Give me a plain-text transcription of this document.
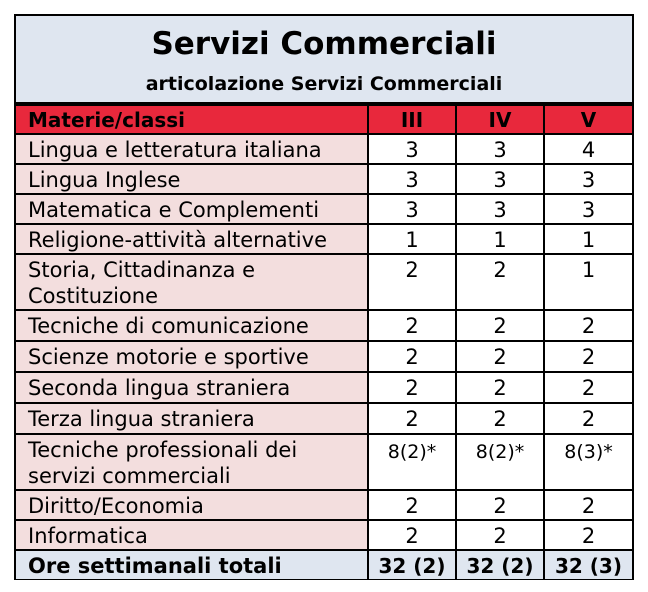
Servizi Commerciali
articolazione Servizi Commerciali
Materie/classi	III	IV	V
Lingua e letteratura italiana	3	3	4
Lingua Inglese	3	3	3
Matematica e Complementi	3	3	3
Religione-attività alternative	1	1	1
Storia, Cittadinanza e Costituzione	2	2	1
Tecniche di comunicazione	2	2	2
Scienze motorie e sportive	2	2	2
Seconda lingua straniera	2	2	2
Terza lingua straniera	2	2	2
Tecniche professionali dei servizi commerciali	8(2)*	8(2)*	8(3)*
Diritto/Economia	2	2	2
Informatica	2	2	2
Ore settimanali totali	32 (2)	32 (2)	32 (3)
